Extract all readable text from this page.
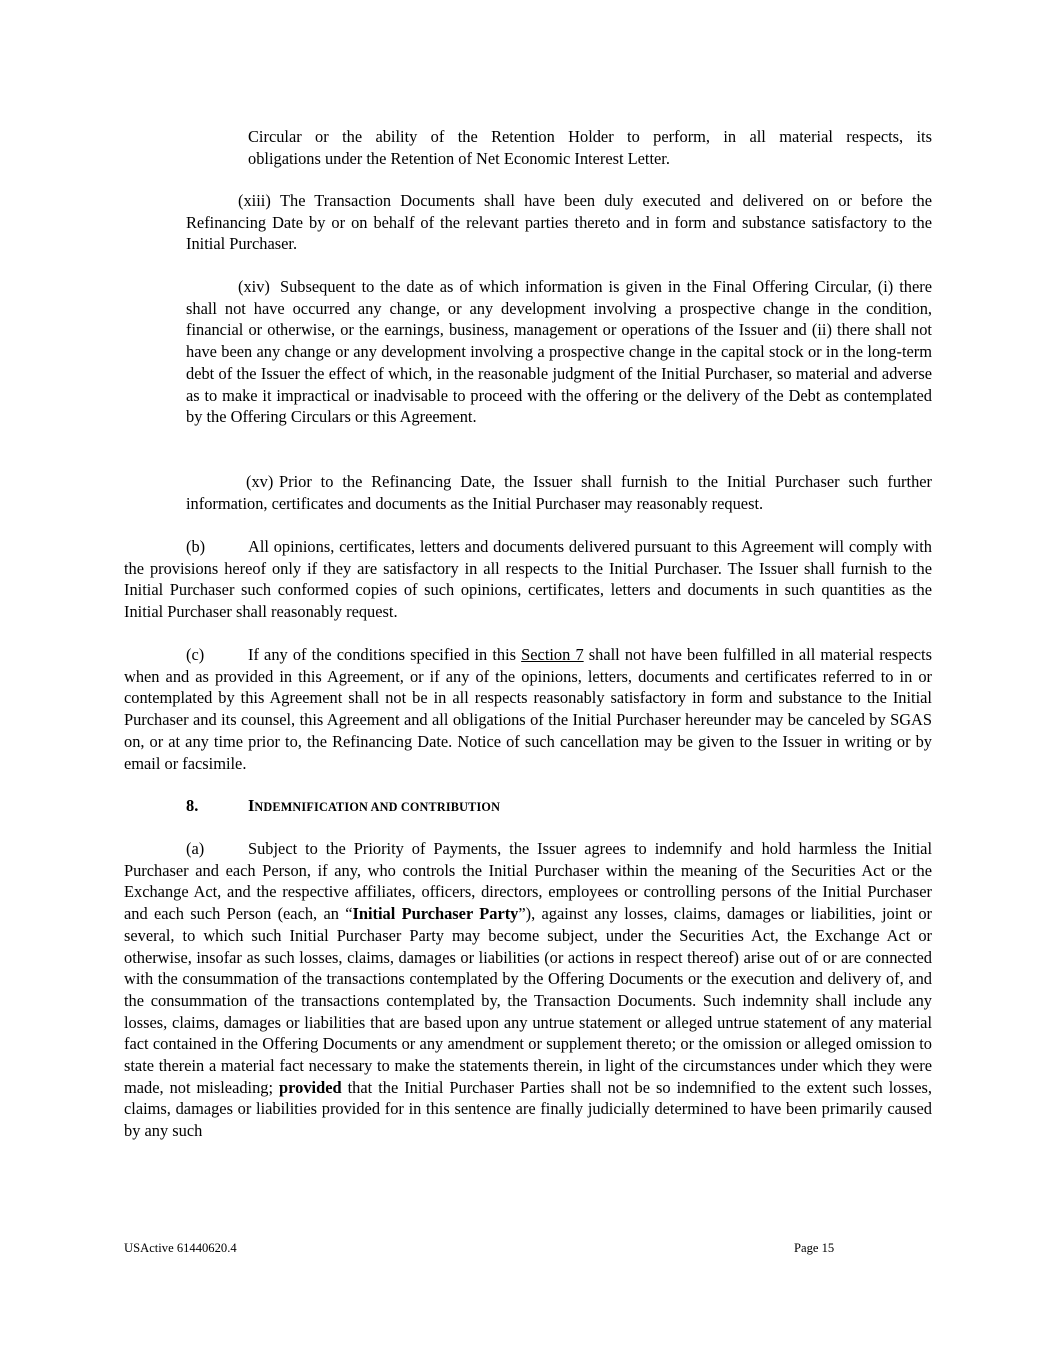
Circular or the ability of the Retention Holder to perform, in all material respects, its
obligations under the Retention of Net Economic Interest Letter.
(xiii) The Transaction Documents shall have been duly executed and delivered on or before the Refinancing Date by or on behalf of the relevant parties thereto and in form and substance satisfactory to the Initial Purchaser.
(xiv) Subsequent to the date as of which information is given in the Final Offering Circular, (i) there shall not have occurred any change, or any development involving a prospective change in the condition, financial or otherwise, or the earnings, business, management or operations of the Issuer and (ii) there shall not have been any change or any development involving a prospective change in the capital stock or in the long-term debt of the Issuer the effect of which, in the reasonable judgment of the Initial Purchaser, so material and adverse as to make it impractical or inadvisable to proceed with the offering or the delivery of the Debt as contemplated by the Offering Circulars or this Agreement.
(xv) Prior to the Refinancing Date, the Issuer shall furnish to the Initial Purchaser such further information, certificates and documents as the Initial Purchaser may reasonably request.
(b)	All opinions, certificates, letters and documents delivered pursuant to this Agreement will comply with the provisions hereof only if they are satisfactory in all respects to the Initial Purchaser. The Issuer shall furnish to the Initial Purchaser such conformed copies of such opinions, certificates, letters and documents in such quantities as the Initial Purchaser shall reasonably request.
(c)	If any of the conditions specified in this Section 7 shall not have been fulfilled in all material respects when and as provided in this Agreement, or if any of the opinions, letters, documents and certificates referred to in or contemplated by this Agreement shall not be in all respects reasonably satisfactory in form and substance to the Initial Purchaser and its counsel, this Agreement and all obligations of the Initial Purchaser hereunder may be canceled by SGAS on, or at any time prior to, the Refinancing Date. Notice of such cancellation may be given to the Issuer in writing or by email or facsimile.
8.	INDEMNIFICATION AND CONTRIBUTION
(a)	Subject to the Priority of Payments, the Issuer agrees to indemnify and hold harmless the Initial Purchaser and each Person, if any, who controls the Initial Purchaser within the meaning of the Securities Act or the Exchange Act, and the respective affiliates, officers, directors, employees or controlling persons of the Initial Purchaser and each such Person (each, an “Initial Purchaser Party”), against any losses, claims, damages or liabilities, joint or several, to which such Initial Purchaser Party may become subject, under the Securities Act, the Exchange Act or otherwise, insofar as such losses, claims, damages or liabilities (or actions in respect thereof) arise out of or are connected with the consummation of the transactions contemplated by the Offering Documents or the execution and delivery of, and the consummation of the transactions contemplated by, the Transaction Documents. Such indemnity shall include any losses, claims, damages or liabilities that are based upon any untrue statement or alleged untrue statement of any material fact contained in the Offering Documents or any amendment or supplement thereto; or the omission or alleged omission to state therein a material fact necessary to make the statements therein, in light of the circumstances under which they were made, not misleading; provided that the Initial Purchaser Parties shall not be so indemnified to the extent such losses, claims, damages or liabilities provided for in this sentence are finally judicially determined to have been primarily caused by any such
USActive 61440620.4	Page 15
